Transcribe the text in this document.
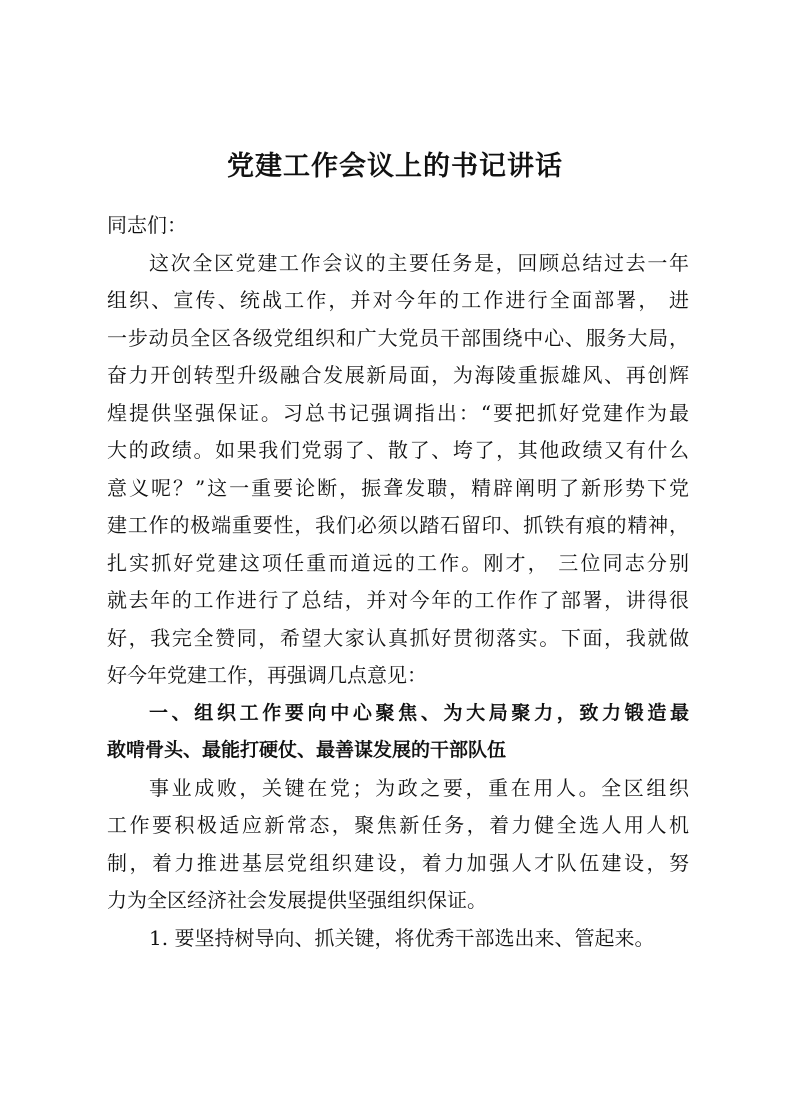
党建工作会议上的书记讲话

同志们：

这次全区党建工作会议的主要任务是，回顾总结过去一年

组织、宣传、统战工作，并对今年的工作进行全面部署， 进

一步动员全区各级党组织和广大党员干部围绕中心、服务大局，

奋力开创转型升级融合发展新局面，为海陵重振雄风、再创辉

煌提供坚强保证。习总书记强调指出：“要把抓好党建作为最

大的政绩。如果我们党弱了、散了、垮了，其他政绩又有什么

意义呢？”这一重要论断，振聋发聩，精辟阐明了新形势下党

建工作的极端重要性，我们必须以踏石留印、抓铁有痕的精神，

扎实抓好党建这项任重而道远的工作。刚才， 三位同志分别

就去年的工作进行了总结，并对今年的工作作了部署，讲得很

好，我完全赞同，希望大家认真抓好贯彻落实。下面，我就做

好今年党建工作，再强调几点意见：

一、组织工作要向中心聚焦、为大局聚力，致力锻造最

敢啃骨头、最能打硬仗、最善谋发展的干部队伍

事业成败，关键在党；为政之要，重在用人。全区组织

工作要积极适应新常态，聚焦新任务，着力健全选人用人机

制，着力推进基层党组织建设，着力加强人才队伍建设，努

力为全区经济社会发展提供坚强组织保证。

1. 要坚持树导向、抓关键，将优秀干部选出来、管起来。
